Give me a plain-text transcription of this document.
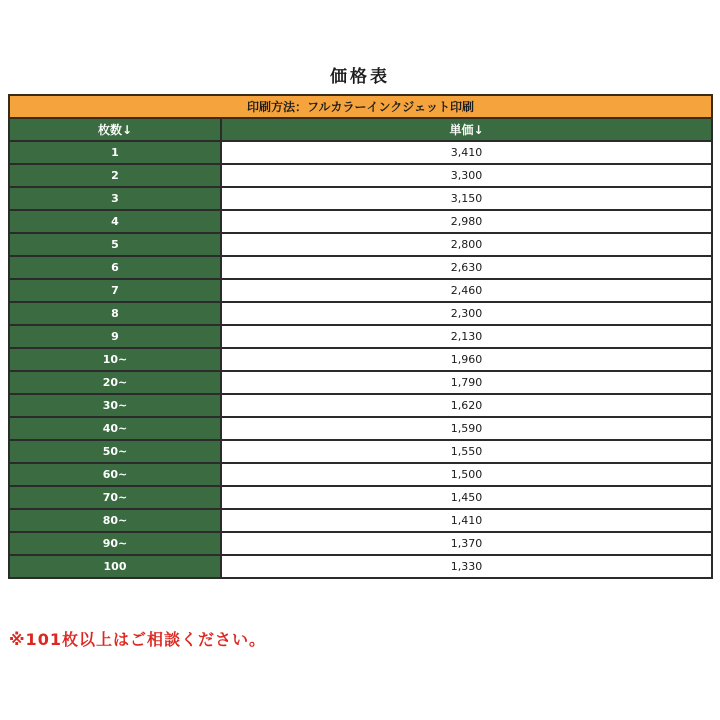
価格表
印刷方法：フルカラーインクジェット印刷	
枚数↓	単価↓
1	3,410
2	3,300
3	3,150
4	2,980
5	2,800
6	2,630
7	2,460
8	2,300
9	2,130
10~	1,960
20~	1,790
30~	1,620
40~	1,590
50~	1,550
60~	1,500
70~	1,450
80~	1,410
90~	1,370
100	1,330

※101枚以上はご相談ください。
